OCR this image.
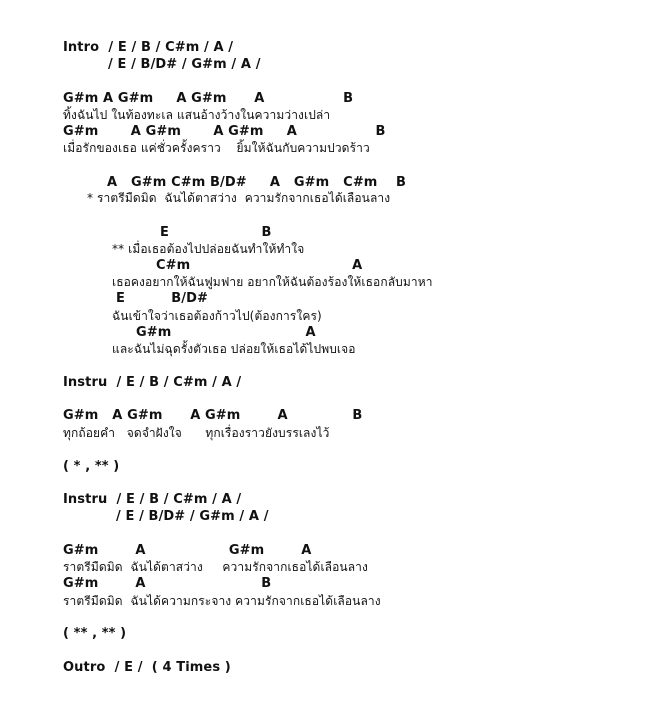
Intro  / E / B / C#m / A /
/ E / B/D# / G#m / A /
G#m A G#m     A G#m      A                 B
ทิ้งฉันไป ในท้องทะเล แสนอ้างว้างในความว่างเปล่า
G#m       A G#m       A G#m     A                 B
เมื่อรักของเธอ แค่ชั่วครั้งคราว    ยิ้มให้ฉันกับความปวดร้าว
A   G#m C#m B/D#     A   G#m   C#m    B
* ราตรีมืดมิด  ฉันได้ตาสว่าง  ความรักจากเธอได้เลือนลาง
E                    B
** เมื่อเธอต้องไปปล่อยฉันทำให้ทำใจ
C#m                                   A
เธอคงอยากให้ฉันฟูมฟาย อยากให้ฉันต้องร้องให้เธอกลับมาหา
E          B/D#
ฉันเข้าใจว่าเธอต้องก้าวไป(ต้องการใคร)
G#m                             A
และฉันไม่ฉุดรั้งตัวเธอ ปล่อยให้เธอได้ไปพบเจอ
Instru  / E / B / C#m / A /
G#m   A G#m      A G#m        A              B
ทุกถ้อยคำ   จดจำฝังใจ      ทุกเรื่องราวยังบรรเลงไว้
( * , ** )
Instru  / E / B / C#m / A /
/ E / B/D# / G#m / A /
G#m        A                  G#m        A
ราตรีมืดมิด  ฉันได้ตาสว่าง     ความรักจากเธอได้เลือนลาง
G#m        A                         B
ราตรีมืดมิด  ฉันได้ความกระจาง ความรักจากเธอได้เลือนลาง
( ** , ** )
Outro  / E /  ( 4 Times )
